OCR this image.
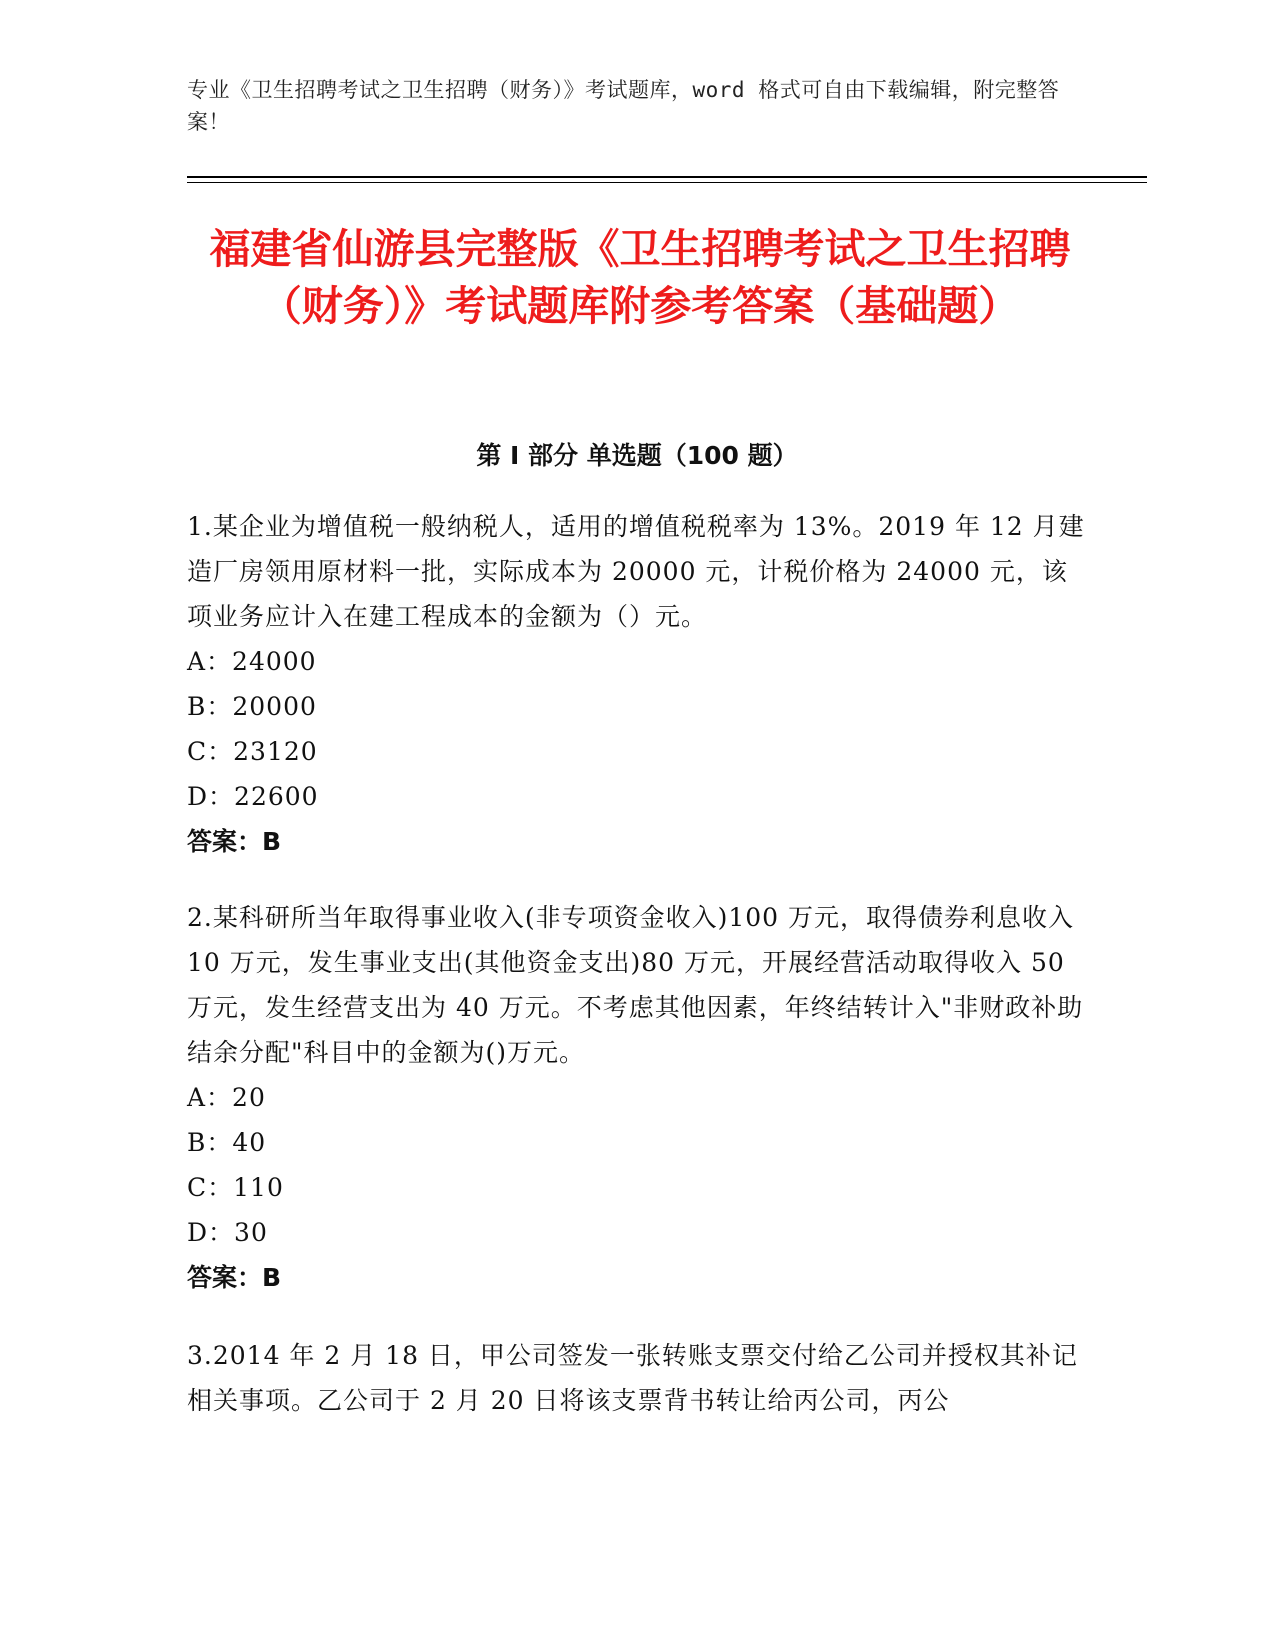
专业《卫生招聘考试之卫生招聘（财务）》考试题库，word 格式可自由下载编辑，附完整答案！
福建省仙游县完整版《卫生招聘考试之卫生招聘（财务）》考试题库附参考答案（基础题）
第 I 部分 单选题（100 题）
1.某企业为增值税一般纳税人，适用的增值税税率为 13%。2019 年 12 月建造厂房领用原材料一批，实际成本为 20000 元，计税价格为 24000 元，该项业务应计入在建工程成本的金额为（）元。
A：24000
B：20000
C：23120
D：22600
答案：B
2.某科研所当年取得事业收入(非专项资金收入)100 万元，取得债券利息收入 10 万元，发生事业支出(其他资金支出)80 万元，开展经营活动取得收入 50 万元，发生经营支出为 40 万元。不考虑其他因素，年终结转计入"非财政补助结余分配"科目中的金额为()万元。
A：20
B：40
C：110
D：30
答案：B
3.2014 年 2 月 18 日，甲公司签发一张转账支票交付给乙公司并授权其补记相关事项。乙公司于 2 月 20 日将该支票背书转让给丙公司，丙公
